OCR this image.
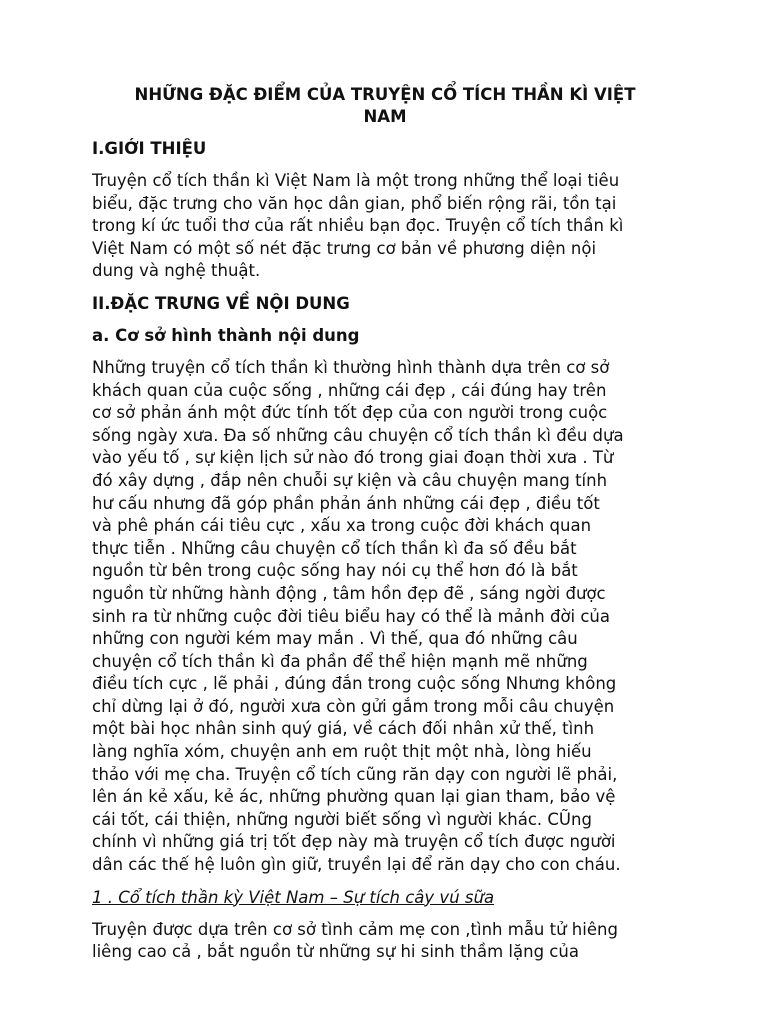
NHỮNG ĐẶC ĐIỂM CỦA TRUYỆN CỔ TÍCH THẦN KÌ VIỆT
NAM
I.GIỚI THIỆU
Truyện cổ tích thần kì Việt Nam là một trong những thể loại tiêu
biểu, đặc trưng cho văn học dân gian, phổ biến rộng rãi, tồn tại
trong kí ức tuổi thơ của rất nhiều bạn đọc. Truyện cổ tích thần kì
Việt Nam có một số nét đặc trưng cơ bản về phương diện nội
dung và nghệ thuật.
II.ĐẶC TRƯNG VỀ NỘI DUNG
a. Cơ sở hình thành nội dung
Những truyện cổ tích thần kì thường hình thành dựa trên cơ sở
khách quan của cuộc sống , những cái đẹp , cái đúng hay trên
cơ sở phản ánh một đức tính tốt đẹp của con người trong cuộc
sống ngày xưa. Đa số những câu chuyện cổ tích thần kì đều dựa
vào yếu tố , sự kiện lịch sử nào đó trong giai đoạn thời xưa . Từ
đó xây dựng , đắp nên chuỗi sự kiện và câu chuyện mang tính
hư cấu nhưng đã góp phần phản ánh những cái đẹp , điều tốt
và phê phán cái tiêu cực , xấu xa trong cuộc đời khách quan
thực tiễn . Những câu chuyện cổ tích thần kì đa số đều bắt
nguồn từ bên trong cuộc sống hay nói cụ thể hơn đó là bắt
nguồn từ những hành động , tâm hồn đẹp đẽ , sáng ngời được
sinh ra từ những cuộc đời tiêu biểu hay có thể là mảnh đời của
những con người kém may mắn . Vì thế, qua đó những câu
chuyện cổ tích thần kì đa phần để thể hiện mạnh mẽ những
điều tích cực , lẽ phải , đúng đắn trong cuộc sống Nhưng không
chỉ dừng lại ở đó, người xưa còn gửi gắm trong mỗi câu chuyện
một bài học nhân sinh quý giá, về cách đối nhân xử thế, tình
làng nghĩa xóm, chuyện anh em ruột thịt một nhà, lòng hiếu
thảo với mẹ cha. Truyện cổ tích cũng răn dạy con người lẽ phải,
lên án kẻ xấu, kẻ ác, những phường quan lại gian tham, bảo vệ
cái tốt, cái thiện, những người biết sống vì người khác. CŨng
chính vì những giá trị tốt đẹp này mà truyện cổ tích được người
dân các thế hệ luôn gìn giữ, truyền lại để răn dạy cho con cháu.
1 . Cổ tích thần kỳ Việt Nam – Sự tích cây vú sữa
Truyện được dựa trên cơ sở tình cảm mẹ con ,tình mẫu tử hiêng
liêng cao cả , bắt nguồn từ những sự hi sinh thầm lặng của
